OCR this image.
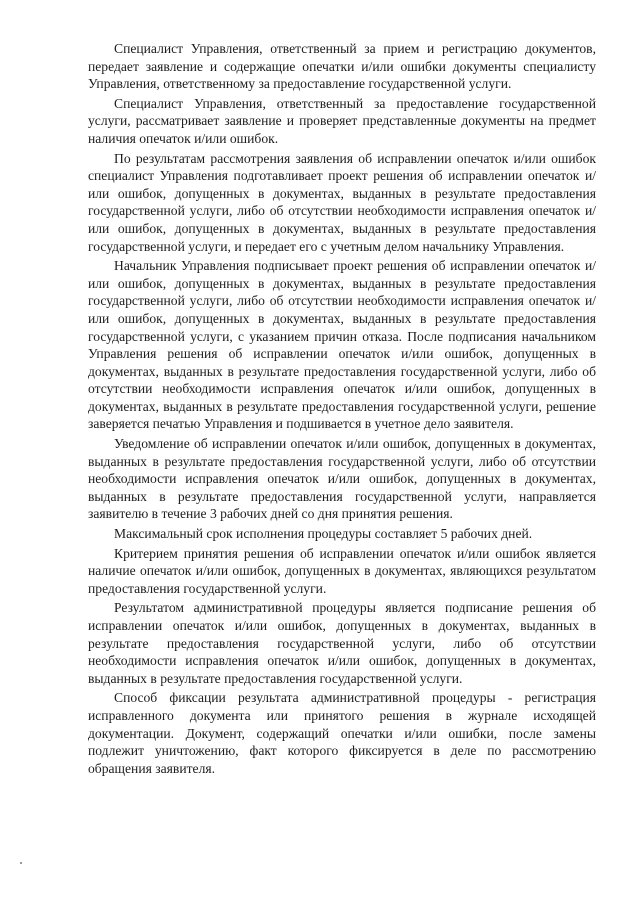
Специалист Управления, ответственный за прием и регистрацию документов, передает заявление и содержащие опечатки и/или ошибки документы специалисту Управления, ответственному за предоставление государственной услуги.

Специалист Управления, ответственный за предоставление государственной услуги, рассматривает заявление и проверяет представленные документы на предмет наличия опечаток и/или ошибок.

По результатам рассмотрения заявления об исправлении опечаток и/или ошибок специалист Управления подготавливает проект решения об исправлении опечаток и/или ошибок, допущенных в документах, выданных в результате предоставления государственной услуги, либо об отсутствии необходимости исправления опечаток и/или ошибок, допущенных в документах, выданных в результате предоставления государственной услуги, и передает его с учетным делом начальнику Управления.

Начальник Управления подписывает проект решения об исправлении опечаток и/или ошибок, допущенных в документах, выданных в результате предоставления государственной услуги, либо об отсутствии необходимости исправления опечаток и/или ошибок, допущенных в документах, выданных в результате предоставления государственной услуги, с указанием причин отказа. После подписания начальником Управления решения об исправлении опечаток и/или ошибок, допущенных в документах, выданных в результате предоставления государственной услуги, либо об отсутствии необходимости исправления опечаток и/или ошибок, допущенных в документах, выданных в результате предоставления государственной услуги, решение заверяется печатью Управления и подшивается в учетное дело заявителя.

Уведомление об исправлении опечаток и/или ошибок, допущенных в документах, выданных в результате предоставления государственной услуги, либо об отсутствии необходимости исправления опечаток и/или ошибок, допущенных в документах, выданных в результате предоставления государственной услуги, направляется заявителю в течение 3 рабочих дней со дня принятия решения.

Максимальный срок исполнения процедуры составляет 5 рабочих дней.

Критерием принятия решения об исправлении опечаток и/или ошибок является наличие опечаток и/или ошибок, допущенных в документах, являющихся результатом предоставления государственной услуги.

Результатом административной процедуры является подписание решения об исправлении опечаток и/или ошибок, допущенных в документах, выданных в результате предоставления государственной услуги, либо об отсутствии необходимости исправления опечаток и/или ошибок, допущенных в документах, выданных в результате предоставления государственной услуги.

Способ фиксации результата административной процедуры - регистрация исправленного документа или принятого решения в журнале исходящей документации. Документ, содержащий опечатки и/или ошибки, после замены подлежит уничтожению, факт которого фиксируется в деле по рассмотрению обращения заявителя.
